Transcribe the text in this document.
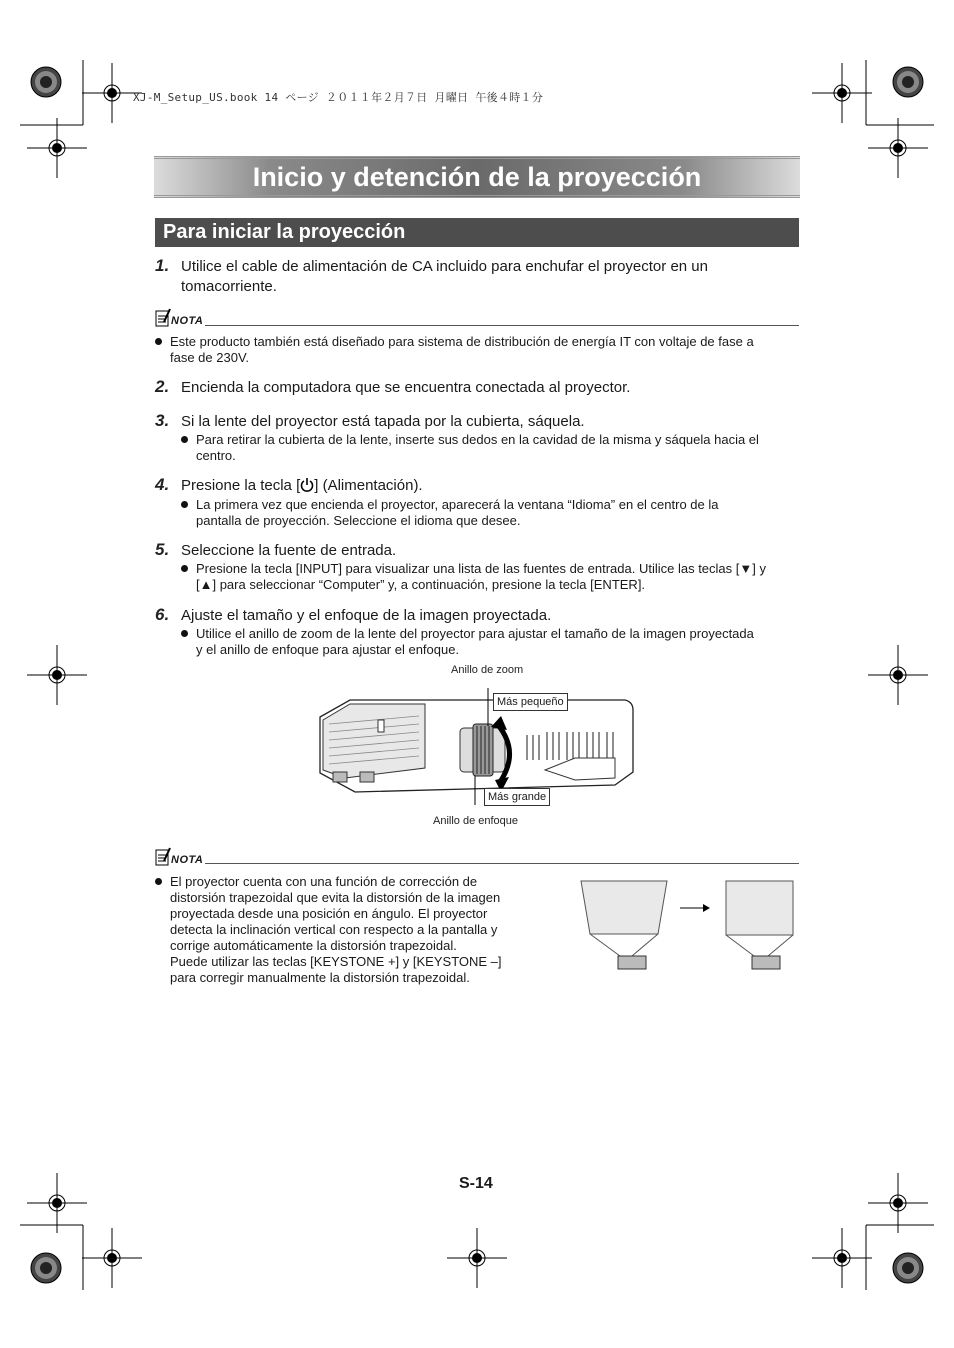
XJ-M_Setup_US.book 14 ページ ２０１１年２月７日 月曜日 午後４時１分
Inicio y detención de la proyección
Para iniciar la proyección
1. Utilice el cable de alimentación de CA incluido para enchufar el proyector en un
tomacorriente.
NOTA
Este producto también está diseñado para sistema de distribución de energía IT con voltaje de fase a
fase de 230V.
2. Encienda la computadora que se encuentra conectada al proyector.
3. Si la lente del proyector está tapada por la cubierta, sáquela.
Para retirar la cubierta de la lente, inserte sus dedos en la cavidad de la misma y sáquela hacia el
centro.
4. Presione la tecla [ ] (Alimentación).
La primera vez que encienda el proyector, aparecerá la ventana “Idioma” en el centro de la
pantalla de proyección. Seleccione el idioma que desee.
5. Seleccione la fuente de entrada.
Presione la tecla [INPUT] para visualizar una lista de las fuentes de entrada. Utilice las teclas [▼] y
[▲] para seleccionar “Computer” y, a continuación, presione la tecla [ENTER].
6. Ajuste el tamaño y el enfoque de la imagen proyectada.
Utilice el anillo de zoom de la lente del proyector para ajustar el tamaño de la imagen proyectada
y el anillo de enfoque para ajustar el enfoque.
Anillo de zoom
Más pequeño
Más grande
Anillo de enfoque
NOTA
El proyector cuenta con una función de corrección de
distorsión trapezoidal que evita la distorsión de la imagen
proyectada desde una posición en ángulo. El proyector
detecta la inclinación vertical con respecto a la pantalla y
corrige automáticamente la distorsión trapezoidal.
Puede utilizar las teclas [KEYSTONE +] y [KEYSTONE –]
para corregir manualmente la distorsión trapezoidal.
S-14
